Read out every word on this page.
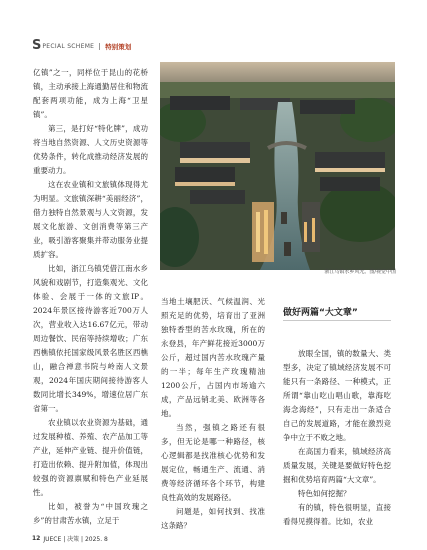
S PECIAL SCHEME 特别策划

亿镇”之一，同样位于昆山的花桥镇，主动承接上海通勤居住和物流配套两项功能，成为上海“卫星镇”。

第三，是打好“特化牌”，成功将当地自然资源、人文历史资源等优势条件，转化成推动经济发展的重要动力。

这在农业镇和文旅镇体现得尤为明显。文旅镇深耕“美丽经济”，借力独特自然景观与人文资源，发展文化旅游、文创消费等第三产业，吸引游客聚集并带动服务业提质扩容。

比如，浙江乌镇凭借江南水乡风貌和戏剧节，打造集观光、文化体验、会展于一体的文旅IP。2024年景区接待游客近700万人次，营业收入达16.67亿元，带动周边餐饮、民宿等持续增收；广东西樵镇依托国家级风景名胜区西樵山，融合禅意书院与岭南人文景观，2024年国庆期间接待游客人数同比增长349%，增速位居广东省第一。

农业镇以农业资源为基础，通过发展种植、养殖、农产品加工等产业，延伸产业链、提升价值链，打造出依赖、提升附加值，体现出较强的资源禀赋和特色产业延展性。

比如，被誉为“中国玫瑰之乡”的甘肃苦水镇，立足于

浙江乌镇水乡风光。图/视觉中国

当地土壤肥沃、气候温润、光照充足的优势，培育出了亚洲独特香型的苦水玫瑰，所在的永登县，年产鲜花接近3000万公斤，超过国内苦水玫瑰产量的一半；每年生产玫瑰精油1200公斤，占国内市场逾六成，产品远销北美、欧洲等各地。

当然，强镇之路还有很多，但无论是哪一种路径，核心逻辑都是找准核心优势和发展定位，畅通生产、流通、消费等经济循环各个环节，构建良性高效的发展路径。

问题是，如何找到、找准这条路？

做好两篇“大文章”

放眼全国，镇的数量大、类型多，决定了镇域经济发展不可能只有一条路径、一种模式，正所谓“靠山吃山唱山歌，靠海吃海念海经”，只有走出一条适合自己的发展道路，才能在激烈竞争中立于不败之地。

在高国力看来，镇域经济高质量发展，关键是要做好特色挖掘和优势培育两篇“大文章”。

特色如何挖掘？

有的镇，特色很明显，直接看得见摸得着。比如，农业

12 JUECE | 决策 | 2025. 8
